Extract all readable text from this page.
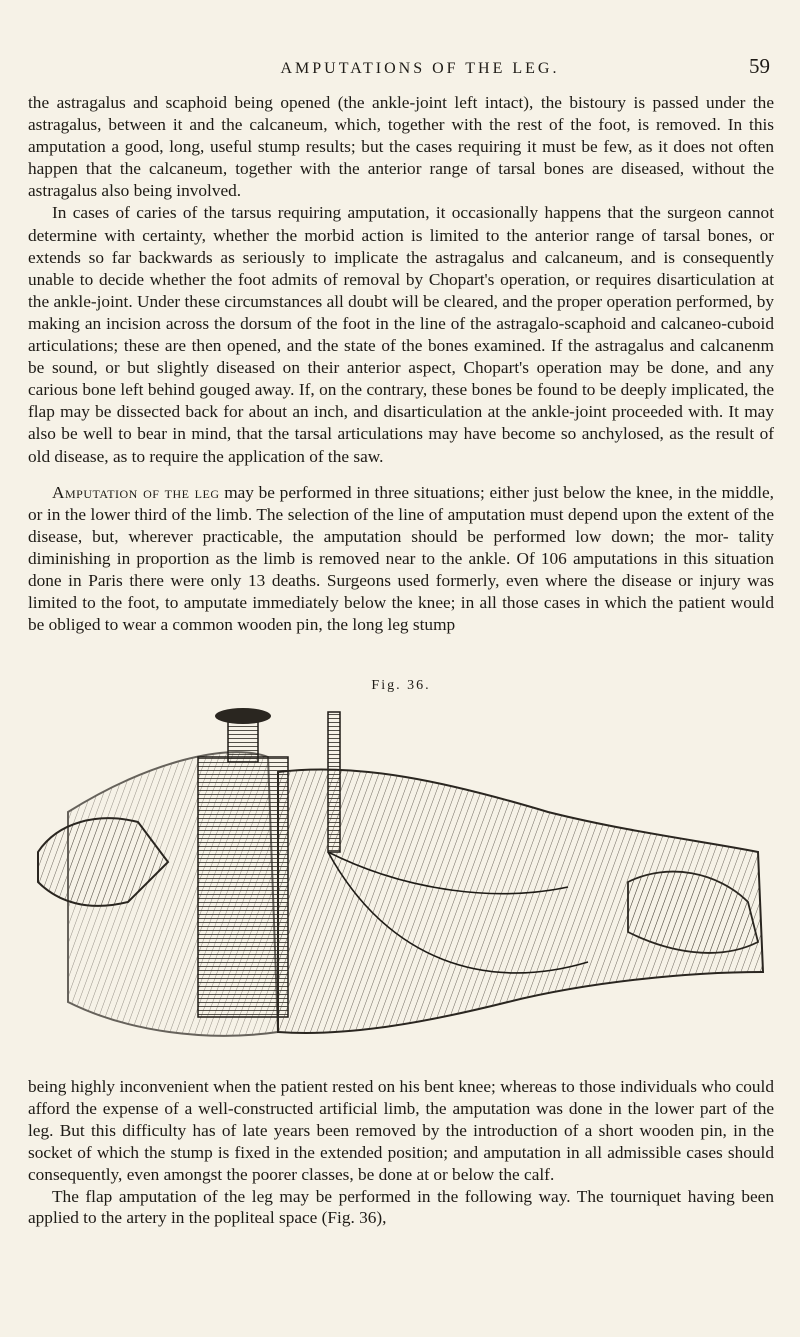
AMPUTATIONS OF THE LEG.	59

the astragalus and scaphoid being opened (the ankle-joint left intact), the bistoury is passed under the astragalus, between it and the calcaneum, which, together with the rest of the foot, is removed. In this amputation a good, long, useful stump results; but the cases requiring it must be few, as it does not often happen that the calcaneum, together with the anterior range of tarsal bones are diseased, without the astragalus also being involved.

In cases of caries of the tarsus requiring amputation, it occasionally happens that the surgeon cannot determine with certainty, whether the morbid action is limited to the anterior range of tarsal bones, or extends so far backwards as seriously to implicate the astragalus and calcaneum, and is consequently unable to decide whether the foot admits of removal by Chopart's operation, or requires disarticulation at the ankle-joint. Under these circumstances all doubt will be cleared, and the proper operation performed, by making an incision across the dorsum of the foot in the line of the astragalo-scaphoid and calcaneo-cuboid articulations; these are then opened, and the state of the bones examined. If the astragalus and calcanenm be sound, or but slightly diseased on their anterior aspect, Chopart's operation may be done, and any carious bone left behind gouged away. If, on the contrary, these bones be found to be deeply implicated, the flap may be dissected back for about an inch, and disarticulation at the ankle-joint proceeded with. It may also be well to bear in mind, that the tarsal articulations may have become so anchylosed, as the result of old disease, as to require the application of the saw.

Amputation of the leg may be performed in three situations; either just below the knee, in the middle, or in the lower third of the limb. The selection of the line of amputation must depend upon the extent of the disease, but, wherever practicable, the amputation should be performed low down; the mor- tality diminishing in proportion as the limb is removed near to the ankle. Of 106 amputations in this situation done in Paris there were only 13 deaths. Surgeons used formerly, even where the disease or injury was limited to the foot, to amputate immediately below the knee; in all those cases in which the patient would be obliged to wear a common wooden pin, the long leg stump

Fig. 36.

being highly inconvenient when the patient rested on his bent knee; whereas to those individuals who could afford the expense of a well-constructed artificial limb, the amputation was done in the lower part of the leg. But this difficulty has of late years been removed by the introduction of a short wooden pin, in the socket of which the stump is fixed in the extended position; and amputation in all admissible cases should consequently, even amongst the poorer classes, be done at or below the calf.

The flap amputation of the leg may be performed in the following way. The tourniquet having been applied to the artery in the popliteal space (Fig. 36),
